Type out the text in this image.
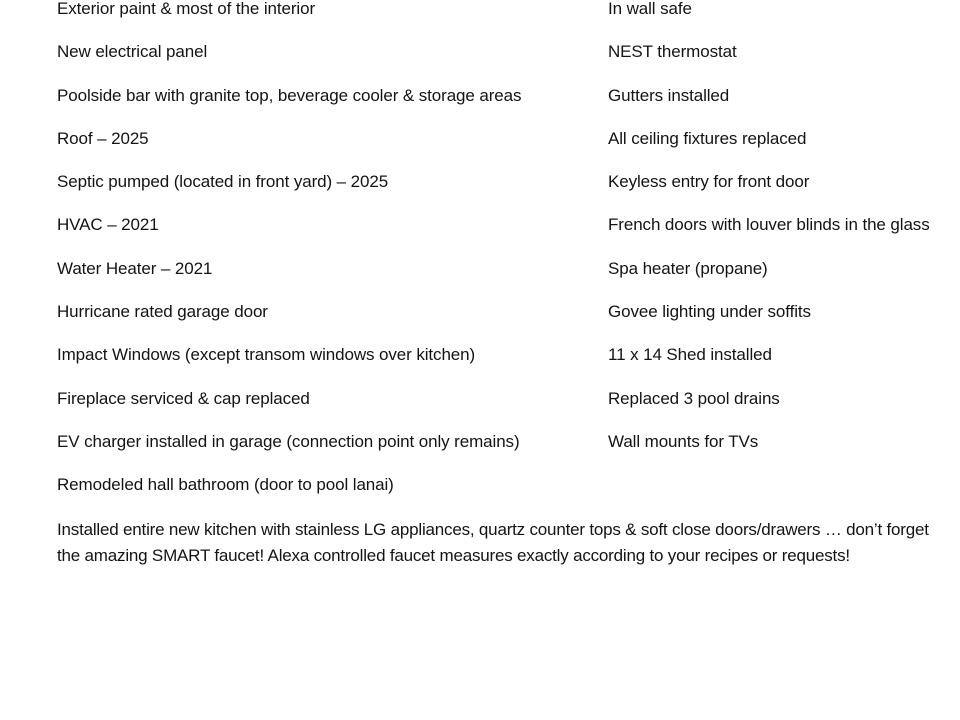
Exterior paint & most of the interior
New electrical panel
Poolside bar with granite top, beverage cooler & storage areas
Roof – 2025
Septic pumped (located in front yard) – 2025
HVAC – 2021
Water Heater – 2021
Hurricane rated garage door
Impact Windows (except transom windows over kitchen)
Fireplace serviced & cap replaced
EV charger installed in garage (connection point only remains)
Remodeled hall bathroom (door to pool lanai)
In wall safe
NEST thermostat
Gutters installed
All ceiling fixtures replaced
Keyless entry for front door
French doors with louver blinds in the glass
Spa heater (propane)
Govee lighting under soffits
11 x 14 Shed installed
Replaced 3 pool drains
Wall mounts for TVs
Installed entire new kitchen with stainless LG appliances, quartz counter tops & soft close doors/drawers … don’t forget
the amazing SMART faucet! Alexa controlled faucet measures exactly according to your recipes or requests!
